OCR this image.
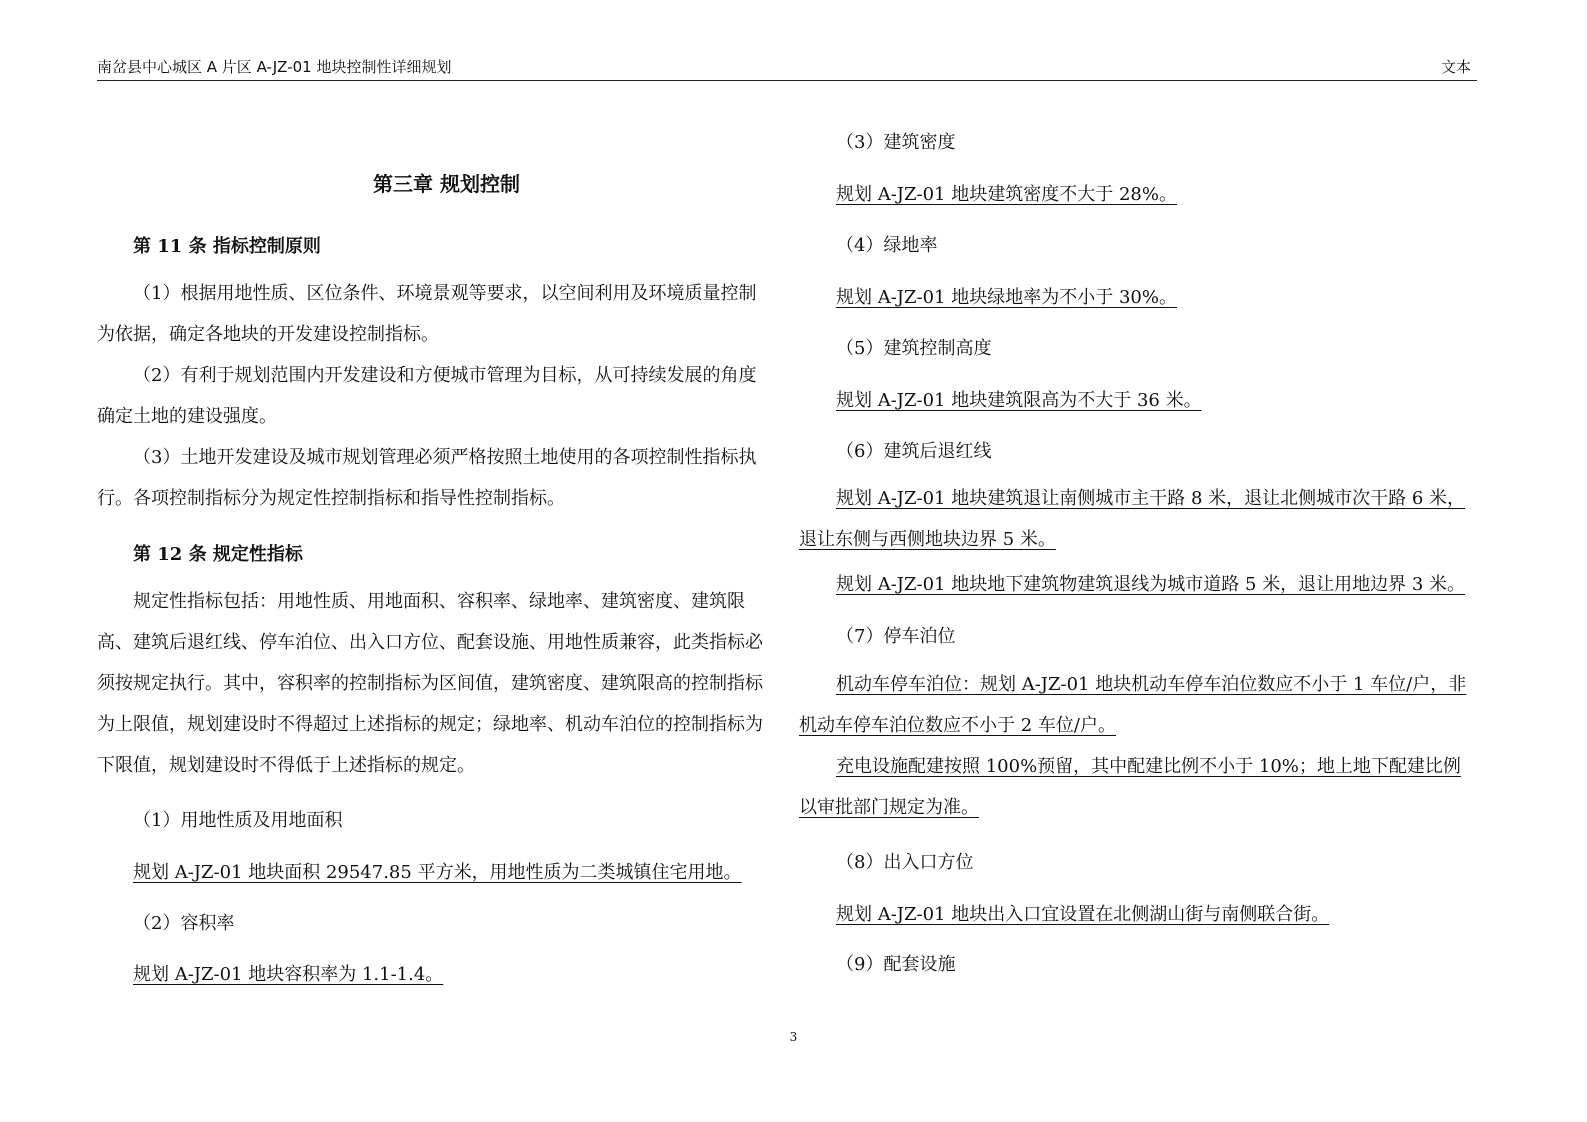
南岔县中心城区 A 片区 A-JZ-01 地块控制性详细规划	文本
第三章 规划控制
第 11 条 指标控制原则
（1）根据用地性质、区位条件、环境景观等要求，以空间利用及环境质量控制为依据，确定各地块的开发建设控制指标。
（2）有利于规划范围内开发建设和方便城市管理为目标，从可持续发展的角度确定土地的建设强度。
（3）土地开发建设及城市规划管理必须严格按照土地使用的各项控制性指标执行。各项控制指标分为规定性控制指标和指导性控制指标。
第 12 条 规定性指标
规定性指标包括：用地性质、用地面积、容积率、绿地率、建筑密度、建筑限高、建筑后退红线、停车泊位、出入口方位、配套设施、用地性质兼容，此类指标必须按规定执行。其中，容积率的控制指标为区间值，建筑密度、建筑限高的控制指标为上限值，规划建设时不得超过上述指标的规定；绿地率、机动车泊位的控制指标为下限值，规划建设时不得低于上述指标的规定。
（1）用地性质及用地面积
规划 A-JZ-01 地块面积 29547.85 平方米，用地性质为二类城镇住宅用地。
（2）容积率
规划 A-JZ-01 地块容积率为 1.1-1.4。
（3）建筑密度
规划 A-JZ-01 地块建筑密度不大于 28%。
（4）绿地率
规划 A-JZ-01 地块绿地率为不小于 30%。
（5）建筑控制高度
规划 A-JZ-01 地块建筑限高为不大于 36 米。
（6）建筑后退红线
规划 A-JZ-01 地块建筑退让南侧城市主干路 8 米，退让北侧城市次干路 6 米，退让东侧与西侧地块边界 5 米。
规划 A-JZ-01 地块地下建筑物建筑退线为城市道路 5 米，退让用地边界 3 米。
（7）停车泊位
机动车停车泊位：规划 A-JZ-01 地块机动车停车泊位数应不小于 1 车位/户，非机动车停车泊位数应不小于 2 车位/户。
充电设施配建按照 100%预留，其中配建比例不小于 10%；地上地下配建比例以审批部门规定为准。
（8）出入口方位
规划 A-JZ-01 地块出入口宜设置在北侧湖山街与南侧联合街。
（9）配套设施
3
